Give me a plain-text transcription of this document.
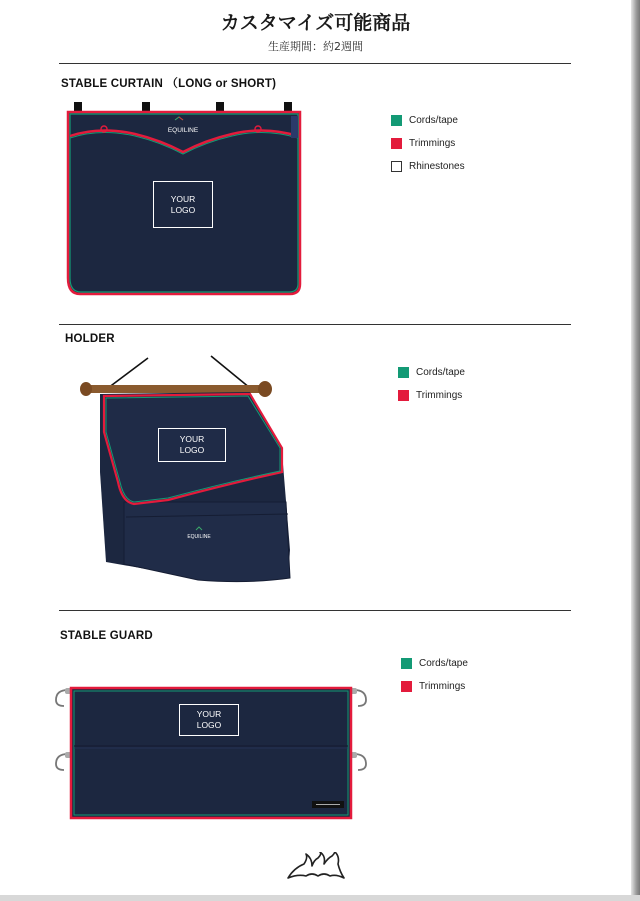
カスタマイズ可能商品
生産期間：約2週間
STABLE CURTAIN （LONG or SHORT)
EQUILINE
YOUR
LOGO
Cords/tape
Trimmings
Rhinestones
HOLDER
EQUILINE
YOUR
LOGO
Cords/tape
Trimmings
STABLE GUARD
YOUR
LOGO
Cords/tape
Trimmings
